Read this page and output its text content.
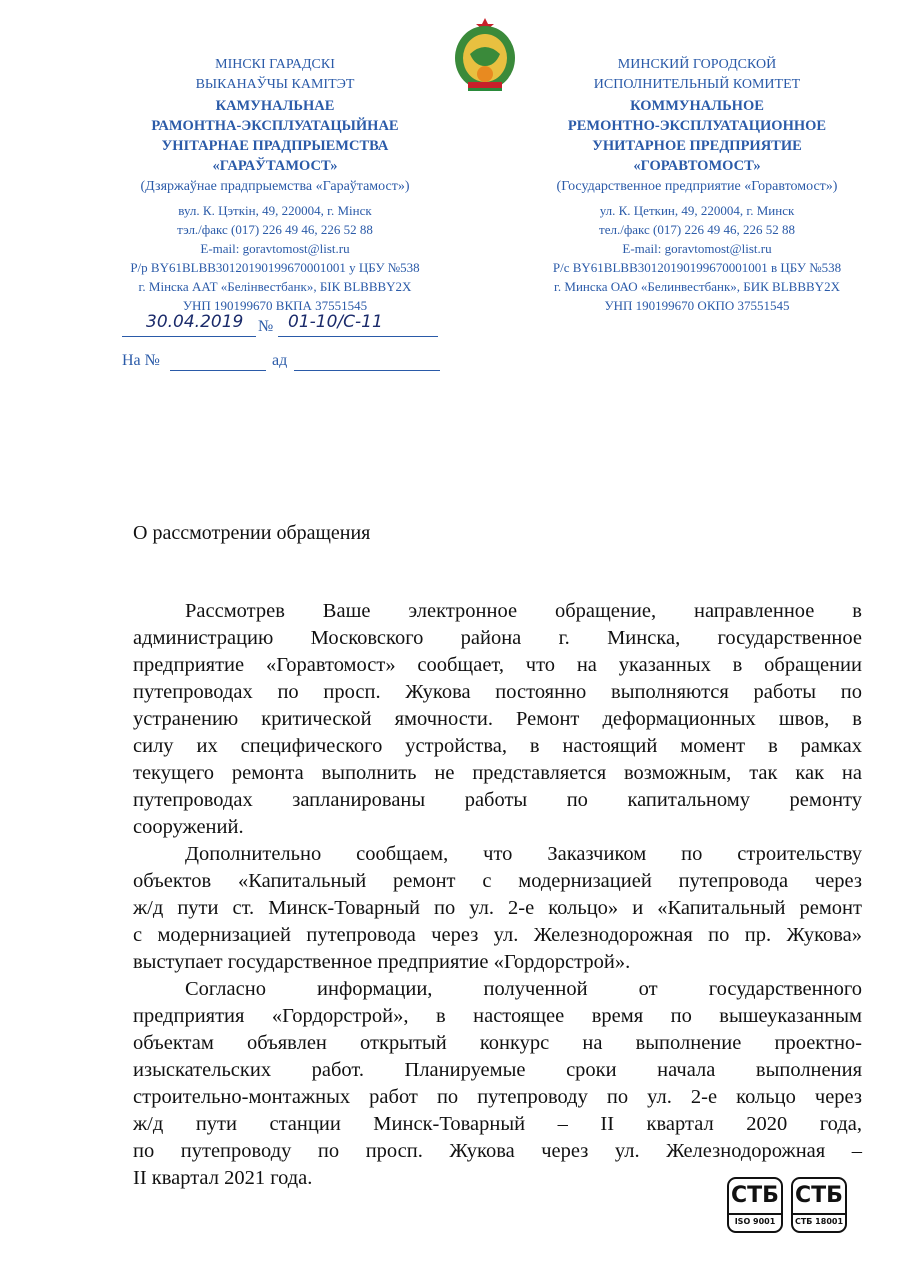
МІНСКІ ГАРАДСКІ
ВЫКАНАЎЧЫ КАМІТЭТ
КАМУНАЛЬНАЕ
РАМОНТНА-ЭКСПЛУАТАЦЫЙНАЕ
УНІТАРНАЕ ПРАДПРЫЕМСТВА
«ГАРАЎТАМОСТ»
(Дзяржаўнае прадпрыемства «Гараўтамост»)
вул. К. Цэткін, 49, 220004, г. Мінск
тэл./факс (017) 226 49 46, 226 52 88
E-mail: goravtomost@list.ru
Р/р BY61BLBB30120190199670001001 у ЦБУ №538
г. Мінска ААТ «Белінвестбанк», БІК BLBBBY2X
УНП 190199670 ВКПА 37551545
МИНСКИЙ ГОРОДСКОЙ
ИСПОЛНИТЕЛЬНЫЙ КОМИТЕТ
КОММУНАЛЬНОЕ
РЕМОНТНО-ЭКСПЛУАТАЦИОННОЕ
УНИТАРНОЕ ПРЕДПРИЯТИЕ
«ГОРАВТОМОСТ»
(Государственное предприятие «Горавтомост»)
ул. К. Цеткин, 49, 220004, г. Минск
тел./факс (017) 226 49 46, 226 52 88
E-mail: goravtomost@list.ru
Р/с BY61BLBB30120190199670001001 в ЦБУ №538
г. Минска ОАО «Белинвестбанк», БИК BLBBBY2X
УНП 190199670 ОКПО 37551545
30.04.2019 № 01-10/С-11
На №	ад
О рассмотрении обращения
Рассмотрев Ваше электронное обращение, направленное в
администрацию Московского района г. Минска, государственное
предприятие «Горавтомост» сообщает, что на указанных в обращении
путепроводах по просп. Жукова постоянно выполняются работы по
устранению критической ямочности. Ремонт деформационных швов, в
силу их специфического устройства, в настоящий момент в рамках
текущего ремонта выполнить не представляется возможным, так как на
путепроводах запланированы работы по капитальному ремонту
сооружений.
Дополнительно сообщаем, что Заказчиком по строительству
объектов «Капитальный ремонт с модернизацией путепровода через
ж/д пути ст. Минск-Товарный по ул. 2-е кольцо» и «Капитальный ремонт
с модернизацией путепровода через ул. Железнодорожная по пр. Жукова»
выступает государственное предприятие «Гордорстрой».
Согласно информации, полученной от государственного
предприятия «Гордорстрой», в настоящее время по вышеуказанным
объектам объявлен открытый конкурс на выполнение проектно-
изыскательских работ. Планируемые сроки начала выполнения
строительно-монтажных работ по путепроводу по ул. 2-е кольцо через
ж/д пути станции Минск-Товарный – II квартал 2020 года,
по путепроводу по просп. Жукова через ул. Железнодорожная –
II квартал 2021 года.
СТБ
ISO 9001
СТБ
СТБ 18001
